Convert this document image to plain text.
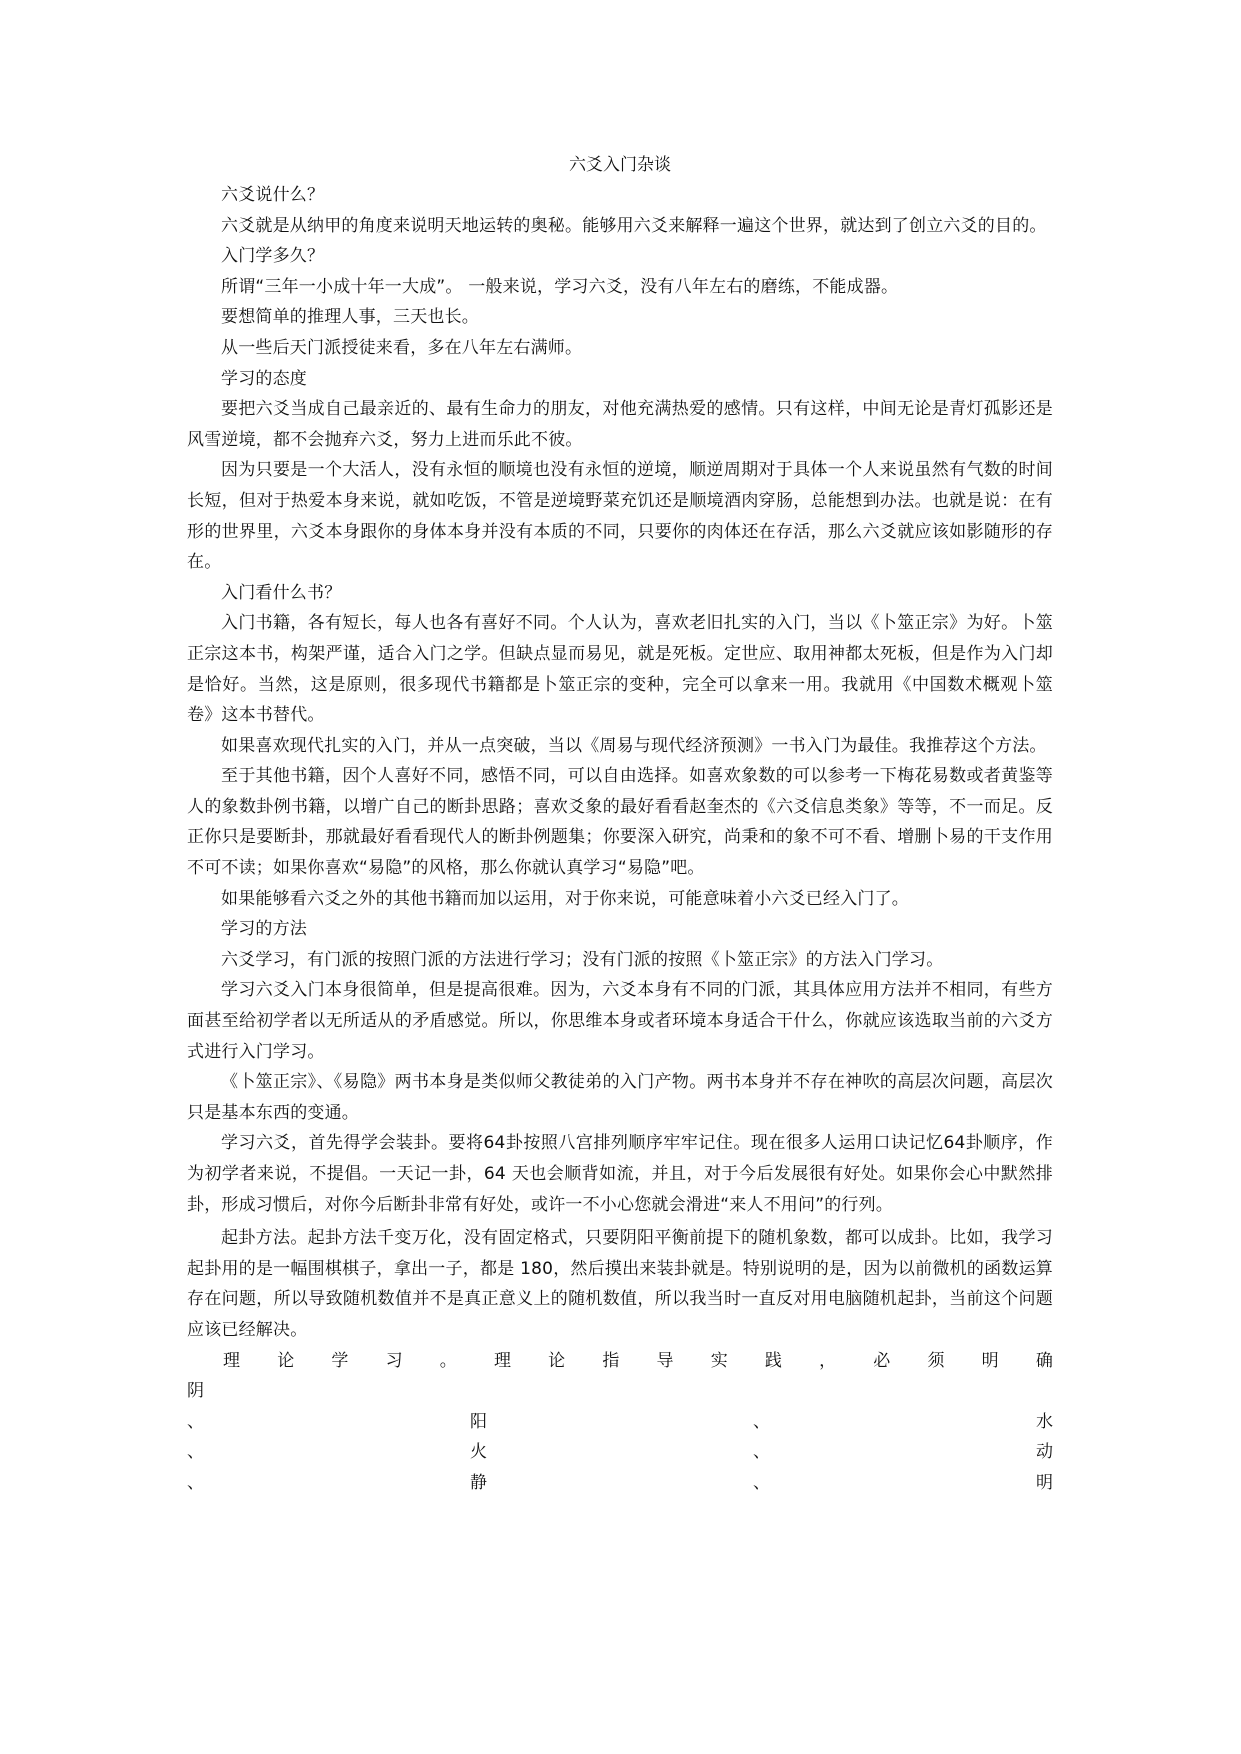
六爻入门杂谈

六爻说什么？

六爻就是从纳甲的角度来说明天地运转的奥秘。能够用六爻来解释一遍这个世界，就达到了创立六爻的目的。

入门学多久？

所谓“三年一小成十年一大成”。 一般来说，学习六爻，没有八年左右的磨练，不能成器。

要想简单的推理人事，三天也长。

从一些后天门派授徒来看，多在八年左右满师。

学习的态度

要把六爻当成自己最亲近的、最有生命力的朋友，对他充满热爱的感情。只有这样，中间无论是青灯孤影还是风雪逆境，都不会抛弃六爻，努力上进而乐此不彼。

因为只要是一个大活人，没有永恒的顺境也没有永恒的逆境，顺逆周期对于具体一个人来说虽然有气数的时间长短，但对于热爱本身来说，就如吃饭，不管是逆境野菜充饥还是顺境酒肉穿肠，总能想到办法。也就是说：在有形的世界里，六爻本身跟你的身体本身并没有本质的不同，只要你的肉体还在存活，那么六爻就应该如影随形的存在。

入门看什么书？

入门书籍，各有短长，每人也各有喜好不同。个人认为，喜欢老旧扎实的入门，当以《卜筮正宗》为好。卜筮正宗这本书，构架严谨，适合入门之学。但缺点显而易见，就是死板。定世应、取用神都太死板，但是作为入门却是恰好。当然，这是原则，很多现代书籍都是卜筮正宗的变种，完全可以拿来一用。我就用《中国数术概观卜筮卷》这本书替代。

如果喜欢现代扎实的入门，并从一点突破，当以《周易与现代经济预测》一书入门为最佳。我推荐这个方法。

至于其他书籍，因个人喜好不同，感悟不同，可以自由选择。如喜欢象数的可以参考一下梅花易数或者黄鉴等人的象数卦例书籍，以增广自己的断卦思路；喜欢爻象的最好看看赵奎杰的《六爻信息类象》等等，不一而足。反正你只是要断卦，那就最好看看现代人的断卦例题集；你要深入研究，尚秉和的象不可不看、增删卜易的干支作用不可不读；如果你喜欢“易隐”的风格，那么你就认真学习“易隐”吧。

如果能够看六爻之外的其他书籍而加以运用，对于你来说，可能意味着小六爻已经入门了。

学习的方法

六爻学习，有门派的按照门派的方法进行学习；没有门派的按照《卜筮正宗》的方法入门学习。

学习六爻入门本身很简单，但是提高很难。因为，六爻本身有不同的门派，其具体应用方法并不相同，有些方面甚至给初学者以无所适从的矛盾感觉。所以，你思维本身或者环境本身适合干什么，你就应该选取当前的六爻方式进行入门学习。

《卜筮正宗》、《易隐》两书本身是类似师父教徒弟的入门产物。两书本身并不存在神吹的高层次问题，高层次只是基本东西的变通。

学习六爻，首先得学会装卦。要将64卦按照八宫排列顺序牢牢记住。现在很多人运用口诀记忆64卦顺序，作为初学者来说，不提倡。一天记一卦，64 天也会顺背如流，并且，对于今后发展很有好处。如果你会心中默然排卦，形成习惯后，对你今后断卦非常有好处，或许一不小心您就会滑进“来人不用问”的行列。

起卦方法。起卦方法千变万化，没有固定格式，只要阴阳平衡前提下的随机象数，都可以成卦。比如，我学习起卦用的是一幅围棋棋子，拿出一子，都是 180，然后摸出来装卦就是。特别说明的是，因为以前微机的函数运算存在问题，所以导致随机数值并不是真正意义上的随机数值，所以我当时一直反对用电脑随机起卦，当前这个问题应该已经解决。

理 论 学 习 。 理 论 指 导 实 践 ， 必 须 明 确

阴

、	阳	、	水
、	火	、	动
、	静	、	明
